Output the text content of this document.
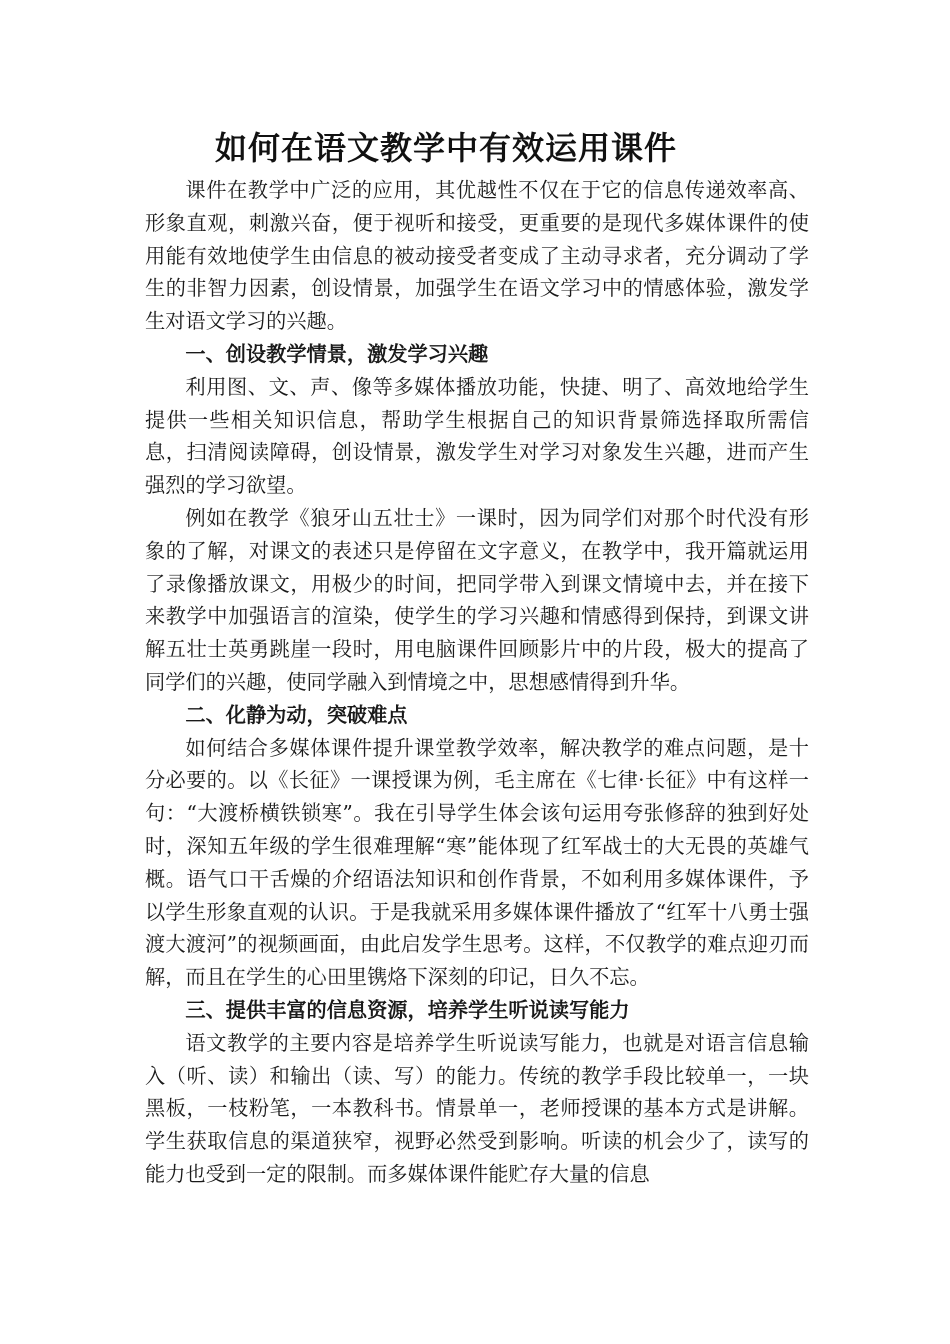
如何在语文教学中有效运用课件

课件在教学中广泛的应用，其优越性不仅在于它的信息传递效率高、形象直观，刺激兴奋，便于视听和接受，更重要的是现代多媒体课件的使用能有效地使学生由信息的被动接受者变成了主动寻求者，充分调动了学生的非智力因素，创设情景，加强学生在语文学习中的情感体验，激发学生对语文学习的兴趣。

一、创设教学情景，激发学习兴趣

利用图、文、声、像等多媒体播放功能，快捷、明了、高效地给学生提供一些相关知识信息，帮助学生根据自己的知识背景筛选择取所需信息，扫清阅读障碍，创设情景，激发学生对学习对象发生兴趣，进而产生强烈的学习欲望。

例如在教学《狼牙山五壮士》一课时，因为同学们对那个时代没有形象的了解，对课文的表述只是停留在文字意义，在教学中，我开篇就运用了录像播放课文，用极少的时间，把同学带入到课文情境中去，并在接下来教学中加强语言的渲染，使学生的学习兴趣和情感得到保持，到课文讲解五壮士英勇跳崖一段时，用电脑课件回顾影片中的片段，极大的提高了同学们的兴趣，使同学融入到情境之中，思想感情得到升华。

二、化静为动，突破难点

如何结合多媒体课件提升课堂教学效率，解决教学的难点问题，是十分必要的。以《长征》一课授课为例，毛主席在《七律·长征》中有这样一句：“大渡桥横铁锁寒”。我在引导学生体会该句运用夸张修辞的独到好处时，深知五年级的学生很难理解“寒”能体现了红军战士的大无畏的英雄气概。语气口干舌燥的介绍语法知识和创作背景，不如利用多媒体课件，予以学生形象直观的认识。于是我就采用多媒体课件播放了“红军十八勇士强渡大渡河”的视频画面，由此启发学生思考。这样，不仅教学的难点迎刃而解，而且在学生的心田里镌烙下深刻的印记，日久不忘。

三、提供丰富的信息资源，培养学生听说读写能力

语文教学的主要内容是培养学生听说读写能力，也就是对语言信息输入（听、读）和输出（读、写）的能力。传统的教学手段比较单一，一块黑板，一枝粉笔，一本教科书。情景单一，老师授课的基本方式是讲解。学生获取信息的渠道狭窄，视野必然受到影响。听读的机会少了，读写的能力也受到一定的限制。而多媒体课件能贮存大量的信息
